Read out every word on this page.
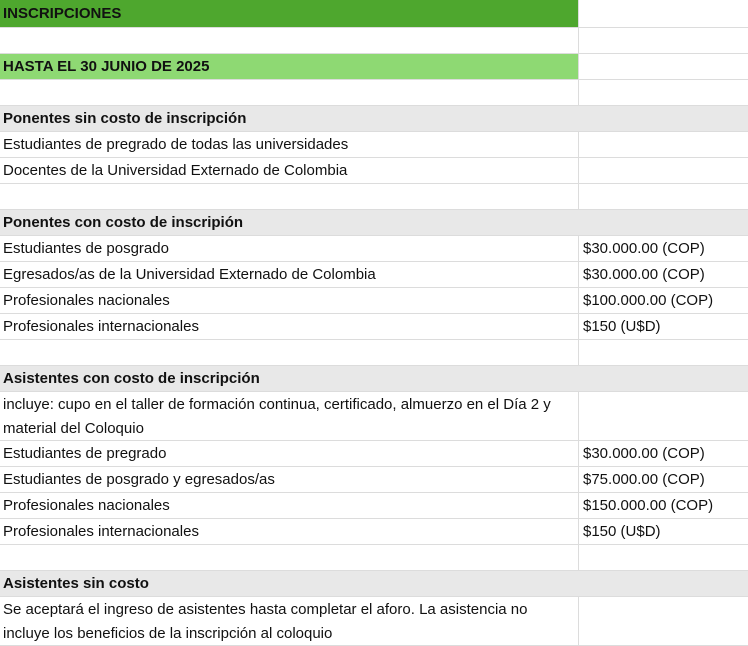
INSCRIPCIONES
HASTA EL 30 JUNIO DE 2025
Ponentes sin costo de inscripción
Estudiantes de pregrado de todas las universidades
Docentes de la Universidad Externado de Colombia
Ponentes con costo de inscripión
Estudiantes de posgrado	$30.000.00 (COP)
Egresados/as de la Universidad Externado de Colombia	$30.000.00 (COP)
Profesionales nacionales	$100.000.00 (COP)
Profesionales internacionales	$150 (U$D)
Asistentes con costo de inscripción
incluye: cupo en el taller de formación continua, certificado, almuerzo en el Día 2 y material del Coloquio
Estudiantes de pregrado	$30.000.00 (COP)
Estudiantes de posgrado y egresados/as	$75.000.00 (COP)
Profesionales nacionales	$150.000.00 (COP)
Profesionales internacionales	$150 (U$D)
Asistentes sin costo
Se aceptará el ingreso de asistentes hasta completar el aforo. La asistencia no incluye los beneficios de la inscripción al coloquio
